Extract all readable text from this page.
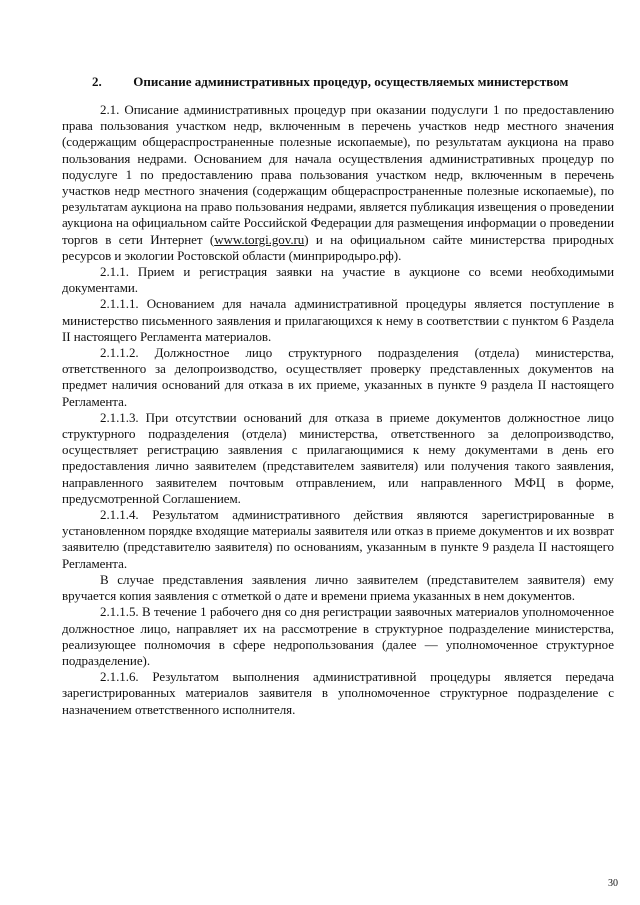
2. Описание административных процедур, осуществляемых министерством

2.1. Описание административных процедур при оказании подуслуги 1 по предоставлению права пользования участком недр, включенным в перечень участков недр местного значения (содержащим общераспространенные полезные ископаемые), по результатам аукциона на право пользования недрами. Основанием для начала осуществления административных процедур по подуслуге 1 по предоставлению права пользования участком недр, включенным в перечень участков недр местного значения (содержащим общераспространенные полезные ископаемые), по результатам аукциона на право пользования недрами, является публикация извещения о проведении аукциона на официальном сайте Российской Федерации для размещения информации о проведении торгов в сети Интернет (www.torgi.gov.ru) и на официальном сайте министерства природных ресурсов и экологии Ростовской области (минприродыро.рф).

2.1.1. Прием и регистрация заявки на участие в аукционе со всеми необходимыми документами.

2.1.1.1. Основанием для начала административной процедуры является поступление в министерство письменного заявления и прилагающихся к нему в соответствии с пунктом 6 Раздела II настоящего Регламента материалов.

2.1.1.2. Должностное лицо структурного подразделения (отдела) министерства, ответственного за делопроизводство, осуществляет проверку представленных документов на предмет наличия оснований для отказа в их приеме, указанных в пункте 9 раздела II настоящего Регламента.

2.1.1.3. При отсутствии оснований для отказа в приеме документов должностное лицо структурного подразделения (отдела) министерства, ответственного за делопроизводство, осуществляет регистрацию заявления с прилагающимися к нему документами в день его предоставления лично заявителем (представителем заявителя) или получения такого заявления, направленного заявителем почтовым отправлением, или направленного МФЦ в форме, предусмотренной Соглашением.

2.1.1.4. Результатом административного действия являются зарегистрированные в установленном порядке входящие материалы заявителя или отказ в приеме документов и их возврат заявителю (представителю заявителя) по основаниям, указанным в пункте 9 раздела II настоящего Регламента.

В случае представления заявления лично заявителем (представителем заявителя) ему вручается копия заявления с отметкой о дате и времени приема указанных в нем документов.

2.1.1.5. В течение 1 рабочего дня со дня регистрации заявочных материалов уполномоченное должностное лицо, направляет их на рассмотрение в структурное подразделение министерства, реализующее полномочия в сфере недропользования (далее — уполномоченное структурное подразделение).

2.1.1.6. Результатом выполнения административной процедуры является передача зарегистрированных материалов заявителя в уполномоченное структурное подразделение с назначением ответственного исполнителя.

30
